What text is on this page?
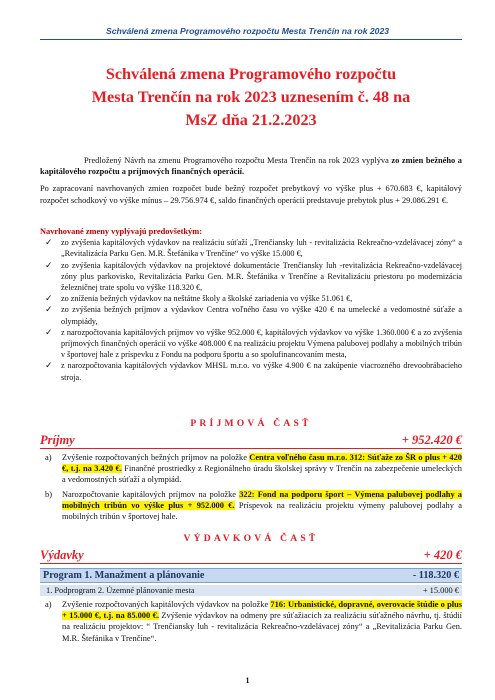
Schválená zmena Programového rozpočtu Mesta Trenčín na rok 2023
Schválená zmena Programového rozpočtu
Mesta Trenčín na rok 2023 uznesením č. 48 na
MsZ dňa 21.2.2023

Predložený Návrh na zmenu Programového rozpočtu Mesta Trenčín na rok 2023 vyplýva zo zmien bežného a kapitálového rozpočtu a príjmových finančných operácií.

Po zapracovaní navrhovaných zmien rozpočet bude bežný rozpočet prebytkový vo výške plus + 670.683 €, kapitálový rozpočet schodkový vo výške mínus – 29.756.974 €, saldo finančných operácií predstavuje prebytok plus + 29.086.291 €.

Navrhované zmeny vyplývajú predovšetkým:
✓ zo zvýšenia kapitálových výdavkov na realizáciu súťaží „Trenčiansky luh - revitalizácia Rekreačno-vzdelávacej zóny“ a „Revitalizácia Parku Gen. M.R. Štefánika v Trenčíne“ vo výške 15.000 €,
✓ zo zvýšenia kapitálových výdavkov na projektové dokumentácie Trenčiansky luh -revitalizácia Rekreačno-vzdelávacej zóny plus parkovisko, Revitalizácia Parku Gen. M.R. Štefánika v Trenčíne a Revitalizáciu priestoru po modernizácia železničnej trate spolu vo výške 118.320 €,
✓ zo zníženia bežných výdavkov na neštátne školy a školské zariadenia vo výške 51.061 €,
✓ zo zvýšenia bežných príjmov a výdavkov Centra voľného času vo výške 420 € na umelecké a vedomostné súťaže a olympiády,
✓ z narozpočtovania kapitálových príjmov vo výške 952.000 €, kapitálových výdavkov vo výške 1.360.000 € a zo zvýšenia príjmových finančných operácií vo výške 408.000 € na realizáciu projektu Výmena palubovej podlahy a mobilných tribún v športovej hale z príspevku z Fondu na podporu športu a so spolufinancovaním mesta,
✓ z narozpočtovania kapitálových výdavkov MHSL m.r.o. vo výške 4.900 € na zakúpenie viacrozného drevoobrábacieho stroja.
PRÍJMOVÁ ČASŤ
Príjmy	+ 952.420 €
a) Zvýšenie rozpočtovaných bežných príjmov na položke Centra voľného času m.r.o. 312: Súťaže zo ŠR o plus + 420 €, t.j. na 3.420 €. Finančné prostriedky z Regionálneho úradu školskej správy v Trenčín na zabezpečenie umeleckých a vedomostných súťaží a olympiád.
b) Narozpočtovanie kapitálových príjmov na položke 322: Fond na podporu šport – Výmena palubovej podlahy a mobilných tribún vo výške plus + 952.000 €. Príspevok na realizáciu projektu výmeny palubovej podlahy a mobilných tribún v športovej hale.
VÝDAVKOVÁ ČASŤ
Výdavky	+ 420 €
Program 1. Manažment a plánovanie	- 118.320 €
1. Podprogram 2. Územné plánovanie mesta	+ 15.000 €
a) Zvýšenie rozpočtovaných kapitálových výdavkov na položke 716: Urbanistické, dopravné, overovacie štúdie o plus + 15.000 €, t.j. na 85.000 €. Zvýšenie výdavkov na odmeny pre súťažiacich za realizáciu súťažného návrhu, tj. štúdií na realizáciu projektov: “ Trenčiansky luh - revitalizácia Rekreačno-vzdelávacej zóny“ a „Revitalizácia Parku Gen. M.R. Štefánika v Trenčíne“.
1
